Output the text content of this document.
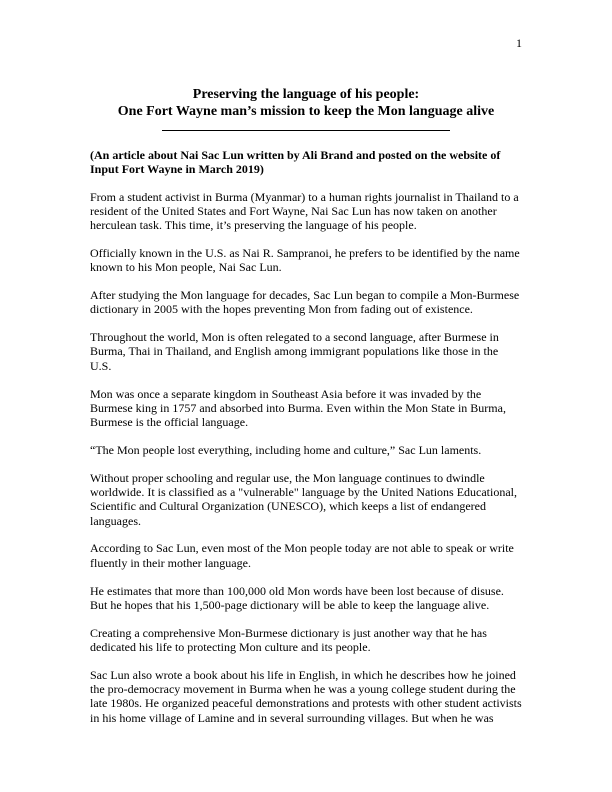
1
Preserving the language of his people:
One Fort Wayne man’s mission to keep the Mon language alive

(An article about Nai Sac Lun written by Ali Brand and posted on the website of Input Fort Wayne in March 2019)

From a student activist in Burma (Myanmar) to a human rights journalist in Thailand to a resident of the United States and Fort Wayne, Nai Sac Lun has now taken on another herculean task. This time, it’s preserving the language of his people.

Officially known in the U.S. as Nai R. Sampranoi, he prefers to be identified by the name known to his Mon people, Nai Sac Lun.

After studying the Mon language for decades, Sac Lun began to compile a Mon-Burmese dictionary in 2005 with the hopes preventing Mon from fading out of existence.

Throughout the world, Mon is often relegated to a second language, after Burmese in Burma, Thai in Thailand, and English among immigrant populations like those in the U.S.

Mon was once a separate kingdom in Southeast Asia before it was invaded by the Burmese king in 1757 and absorbed into Burma. Even within the Mon State in Burma, Burmese is the official language.

“The Mon people lost everything, including home and culture,” Sac Lun laments.

Without proper schooling and regular use, the Mon language continues to dwindle worldwide. It is classified as a "vulnerable" language by the United Nations Educational, Scientific and Cultural Organization (UNESCO), which keeps a list of endangered languages.

According to Sac Lun, even most of the Mon people today are not able to speak or write fluently in their mother language.

He estimates that more than 100,000 old Mon words have been lost because of disuse. But he hopes that his 1,500-page dictionary will be able to keep the language alive.

Creating a comprehensive Mon-Burmese dictionary is just another way that he has dedicated his life to protecting Mon culture and its people.

Sac Lun also wrote a book about his life in English, in which he describes how he joined the pro-democracy movement in Burma when he was a young college student during the late 1980s. He organized peaceful demonstrations and protests with other student activists in his home village of Lamine and in several surrounding villages. But when he was
